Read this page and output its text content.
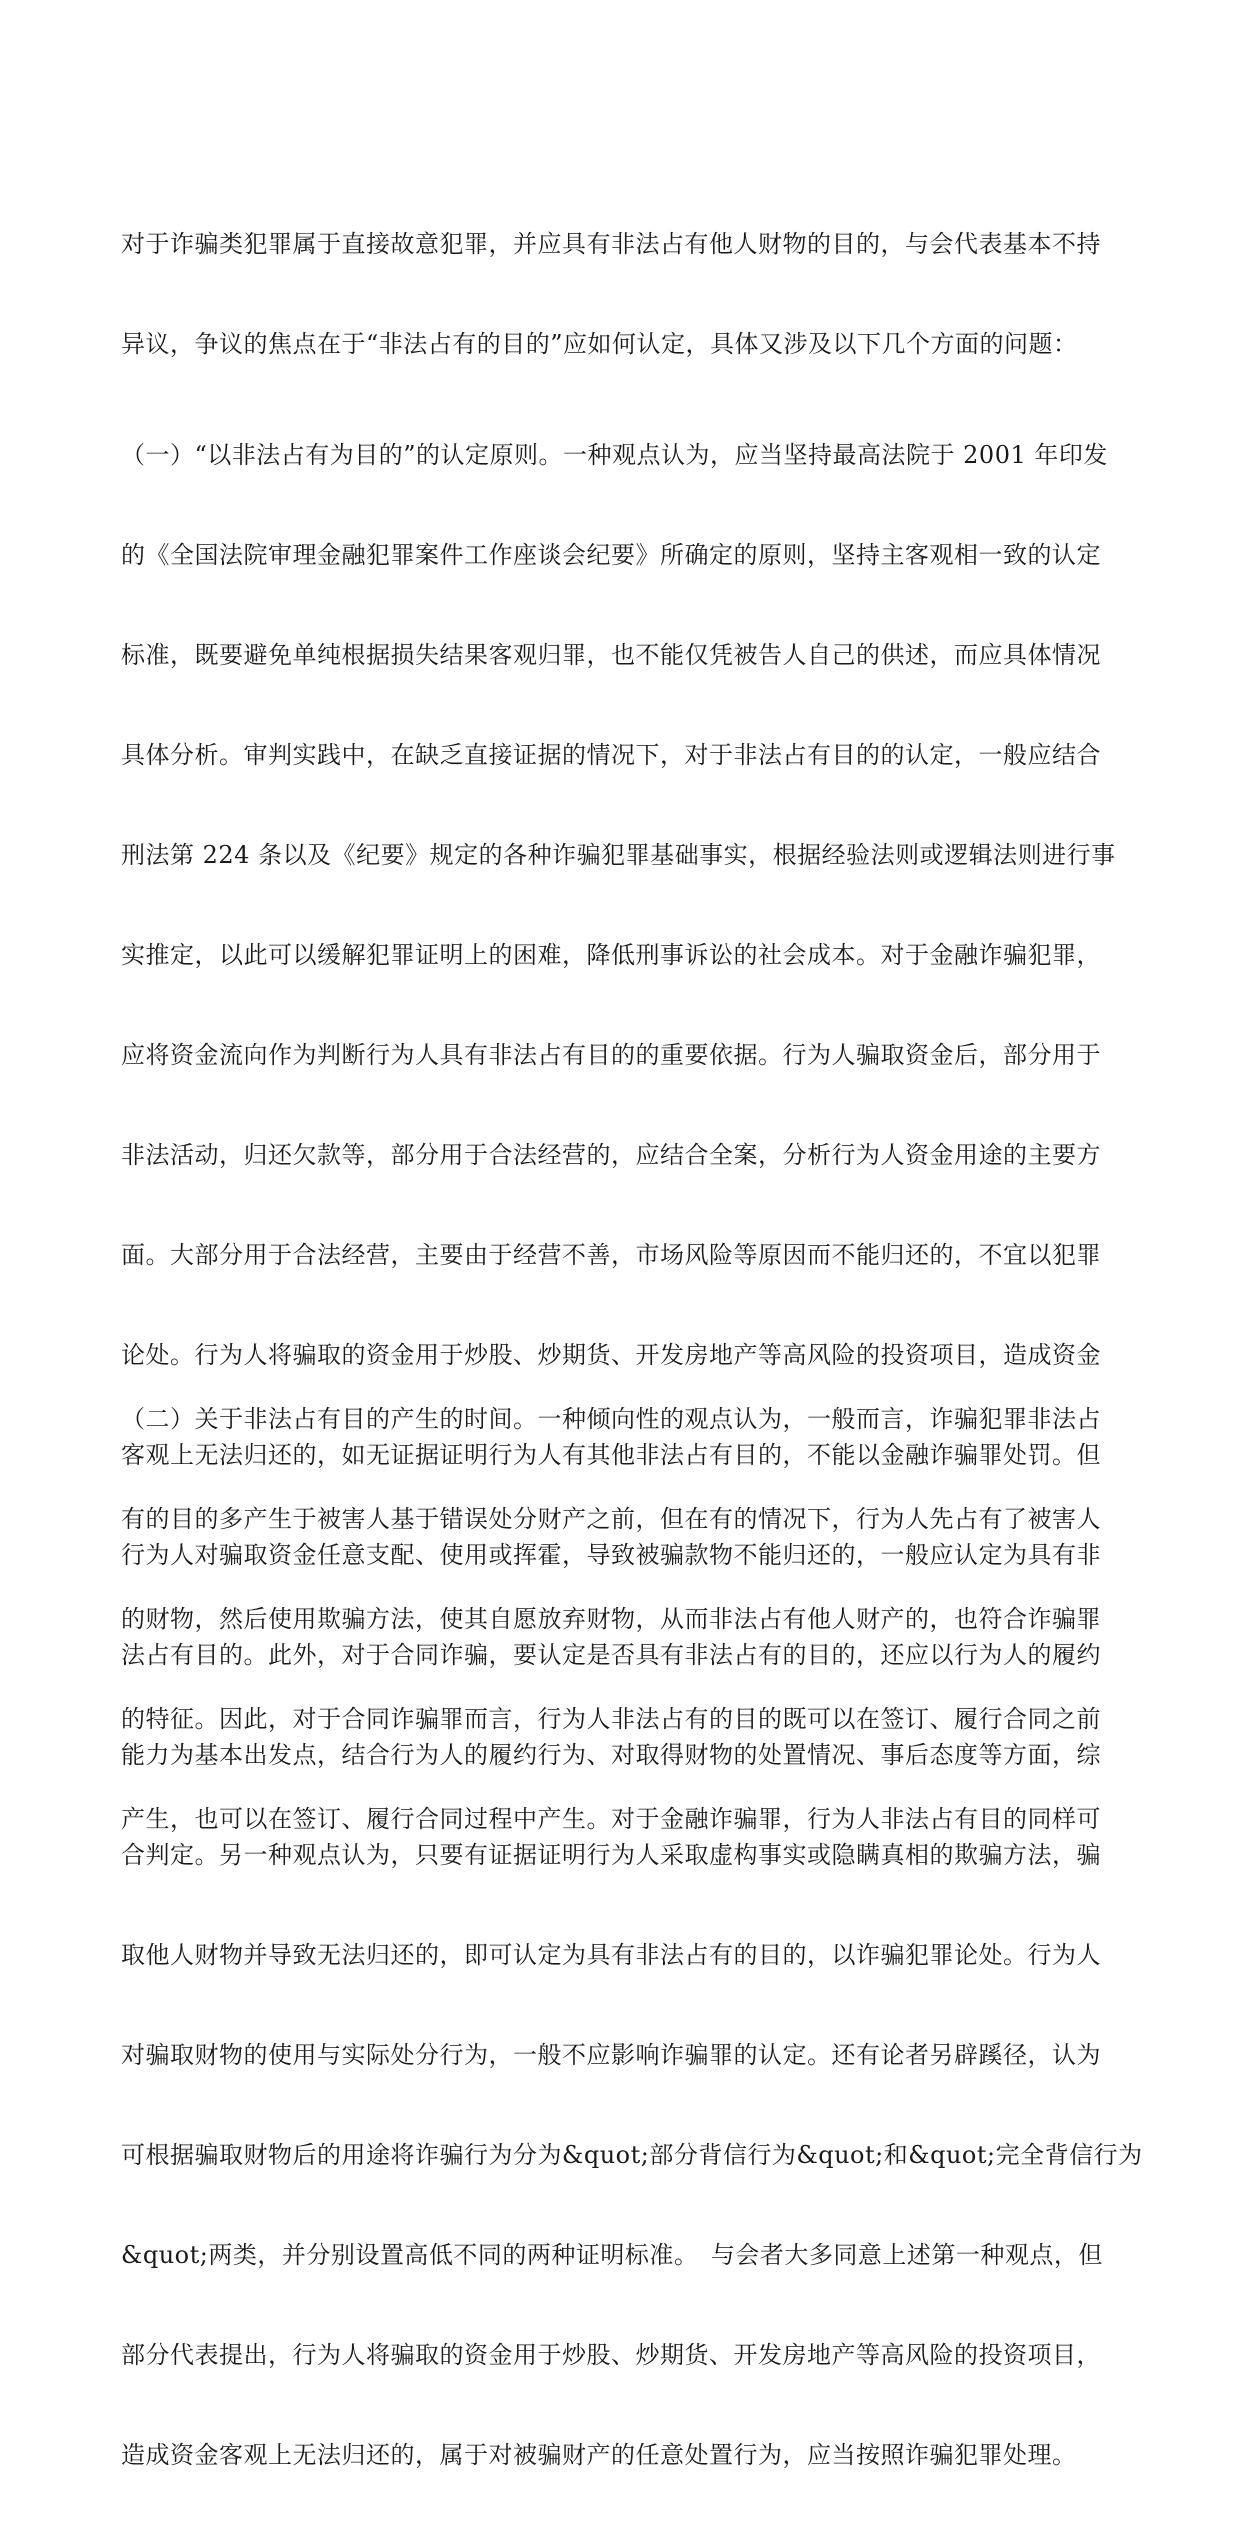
对于诈骗类犯罪属于直接故意犯罪，并应具有非法占有他人财物的目的，与会代表基本不持

异议，争议的焦点在于“非法占有的目的”应如何认定，具体又涉及以下几个方面的问题：

（一）“以非法占有为目的”的认定原则。一种观点认为，应当坚持最高法院于 2001 年印发

的《全国法院审理金融犯罪案件工作座谈会纪要》所确定的原则，坚持主客观相一致的认定

标准，既要避免单纯根据损失结果客观归罪，也不能仅凭被告人自己的供述，而应具体情况

具体分析。审判实践中，在缺乏直接证据的情况下，对于非法占有目的的认定，一般应结合

刑法第 224 条以及《纪要》规定的各种诈骗犯罪基础事实，根据经验法则或逻辑法则进行事

实推定，以此可以缓解犯罪证明上的困难，降低刑事诉讼的社会成本。对于金融诈骗犯罪，

应将资金流向作为判断行为人具有非法占有目的的重要依据。行为人骗取资金后，部分用于

非法活动，归还欠款等，部分用于合法经营的，应结合全案，分析行为人资金用途的主要方

面。大部分用于合法经营，主要由于经营不善，市场风险等原因而不能归还的，不宜以犯罪

论处。行为人将骗取的资金用于炒股、炒期货、开发房地产等高风险的投资项目，造成资金

客观上无法归还的，如无证据证明行为人有其他非法占有目的，不能以金融诈骗罪处罚。但

行为人对骗取资金任意支配、使用或挥霍，导致被骗款物不能归还的，一般应认定为具有非

法占有目的。此外，对于合同诈骗，要认定是否具有非法占有的目的，还应以行为人的履约

能力为基本出发点，结合行为人的履约行为、对取得财物的处置情况、事后态度等方面，综

合判定。另一种观点认为，只要有证据证明行为人采取虚构事实或隐瞒真相的欺骗方法，骗

取他人财物并导致无法归还的，即可认定为具有非法占有的目的，以诈骗犯罪论处。行为人

对骗取财物的使用与实际处分行为，一般不应影响诈骗罪的认定。还有论者另辟蹊径，认为

可根据骗取财物后的用途将诈骗行为分为&quot;部分背信行为&quot;和&quot;完全背信行为

&quot;两类，并分别设置高低不同的两种证明标准。　与会者大多同意上述第一种观点，但

部分代表提出，行为人将骗取的资金用于炒股、炒期货、开发房地产等高风险的投资项目，

造成资金客观上无法归还的，属于对被骗财产的任意处置行为，应当按照诈骗犯罪处理。

（二）关于非法占有目的产生的时间。一种倾向性的观点认为，一般而言，诈骗犯罪非法占

有的目的多产生于被害人基于错误处分财产之前，但在有的情况下，行为人先占有了被害人

的财物，然后使用欺骗方法，使其自愿放弃财物，从而非法占有他人财产的，也符合诈骗罪

的特征。因此，对于合同诈骗罪而言，行为人非法占有的目的既可以在签订、履行合同之前

产生，也可以在签订、履行合同过程中产生。对于金融诈骗罪，行为人非法占有目的同样可
